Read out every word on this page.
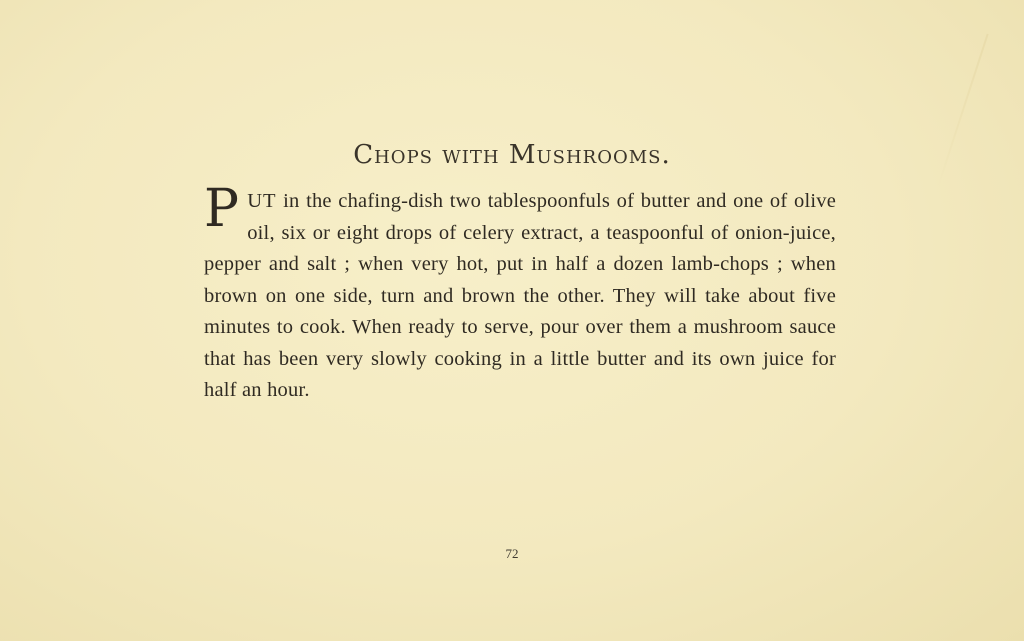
Chops with Mushrooms.

PUT in the chafing-dish two tablespoonfuls of butter and one of olive oil, six or eight drops of celery extract, a teaspoonful of onion-juice, pepper and salt ; when very hot, put in half a dozen lamb-chops ; when brown on one side, turn and brown the other. They will take about five minutes to cook. When ready to serve, pour over them a mushroom sauce that has been very slowly cooking in a little butter and its own juice for half an hour.

72
